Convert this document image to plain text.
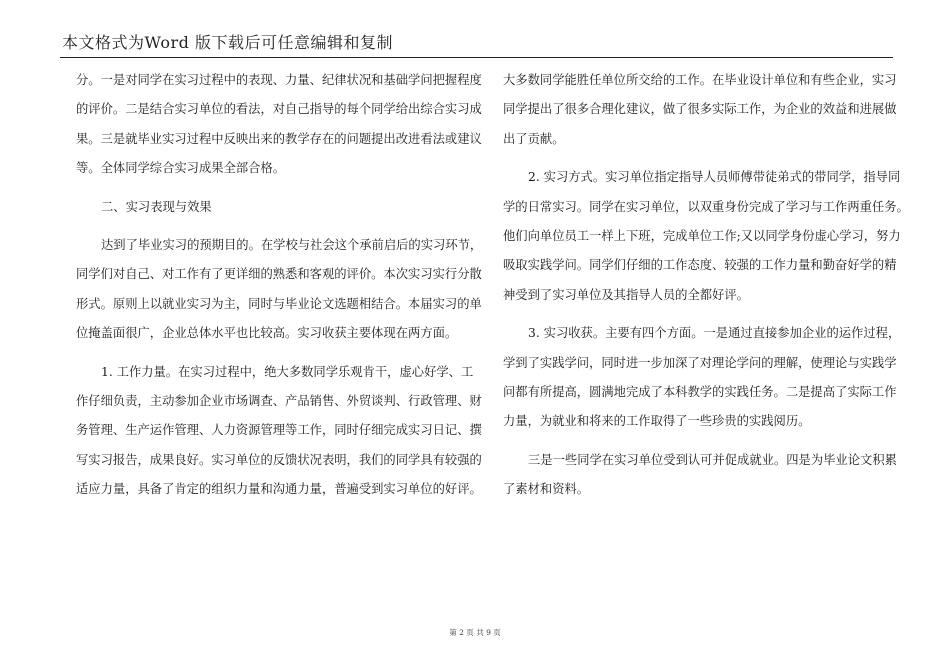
本文格式为Word 版下载后可任意编辑和复制
分。一是对同学在实习过程中的表现、力量、纪律状况和基础学问把握程度
的评价。二是结合实习单位的看法，对自己指导的每个同学给出综合实习成
果。三是就毕业实习过程中反映出来的教学存在的问题提出改进看法或建议
等。全体同学综合实习成果全部合格。
二、实习表现与效果
达到了毕业实习的预期目的。在学校与社会这个承前启后的实习环节，
同学们对自己、对工作有了更详细的熟悉和客观的评价。本次实习实行分散
形式。原则上以就业实习为主，同时与毕业论文选题相结合。本届实习的单
位掩盖面很广，企业总体水平也比较高。实习收获主要体现在两方面。
1. 工作力量。在实习过程中，绝大多数同学乐观肯干，虚心好学、工
作仔细负责，主动参加企业市场调查、产品销售、外贸谈判、行政管理、财
务管理、生产运作管理、人力资源管理等工作，同时仔细完成实习日记、撰
写实习报告，成果良好。实习单位的反馈状况表明，我们的同学具有较强的
适应力量，具备了肯定的组织力量和沟通力量，普遍受到实习单位的好评。
大多数同学能胜任单位所交给的工作。在毕业设计单位和有些企业，实习
同学提出了很多合理化建议，做了很多实际工作，为企业的效益和进展做
出了贡献。
2. 实习方式。实习单位指定指导人员师傅带徒弟式的带同学，指导同
学的日常实习。同学在实习单位，以双重身份完成了学习与工作两重任务。
他们向单位员工一样上下班，完成单位工作;又以同学身份虚心学习，努力
吸取实践学问。同学们仔细的工作态度、较强的工作力量和勤奋好学的精
神受到了实习单位及其指导人员的全都好评。
3. 实习收获。主要有四个方面。一是通过直接参加企业的运作过程，
学到了实践学问，同时进一步加深了对理论学问的理解，使理论与实践学
问都有所提高，圆满地完成了本科教学的实践任务。二是提高了实际工作
力量，为就业和将来的工作取得了一些珍贵的实践阅历。
三是一些同学在实习单位受到认可并促成就业。四是为毕业论文积累
了素材和资料。
第 2 页 共 9 页
